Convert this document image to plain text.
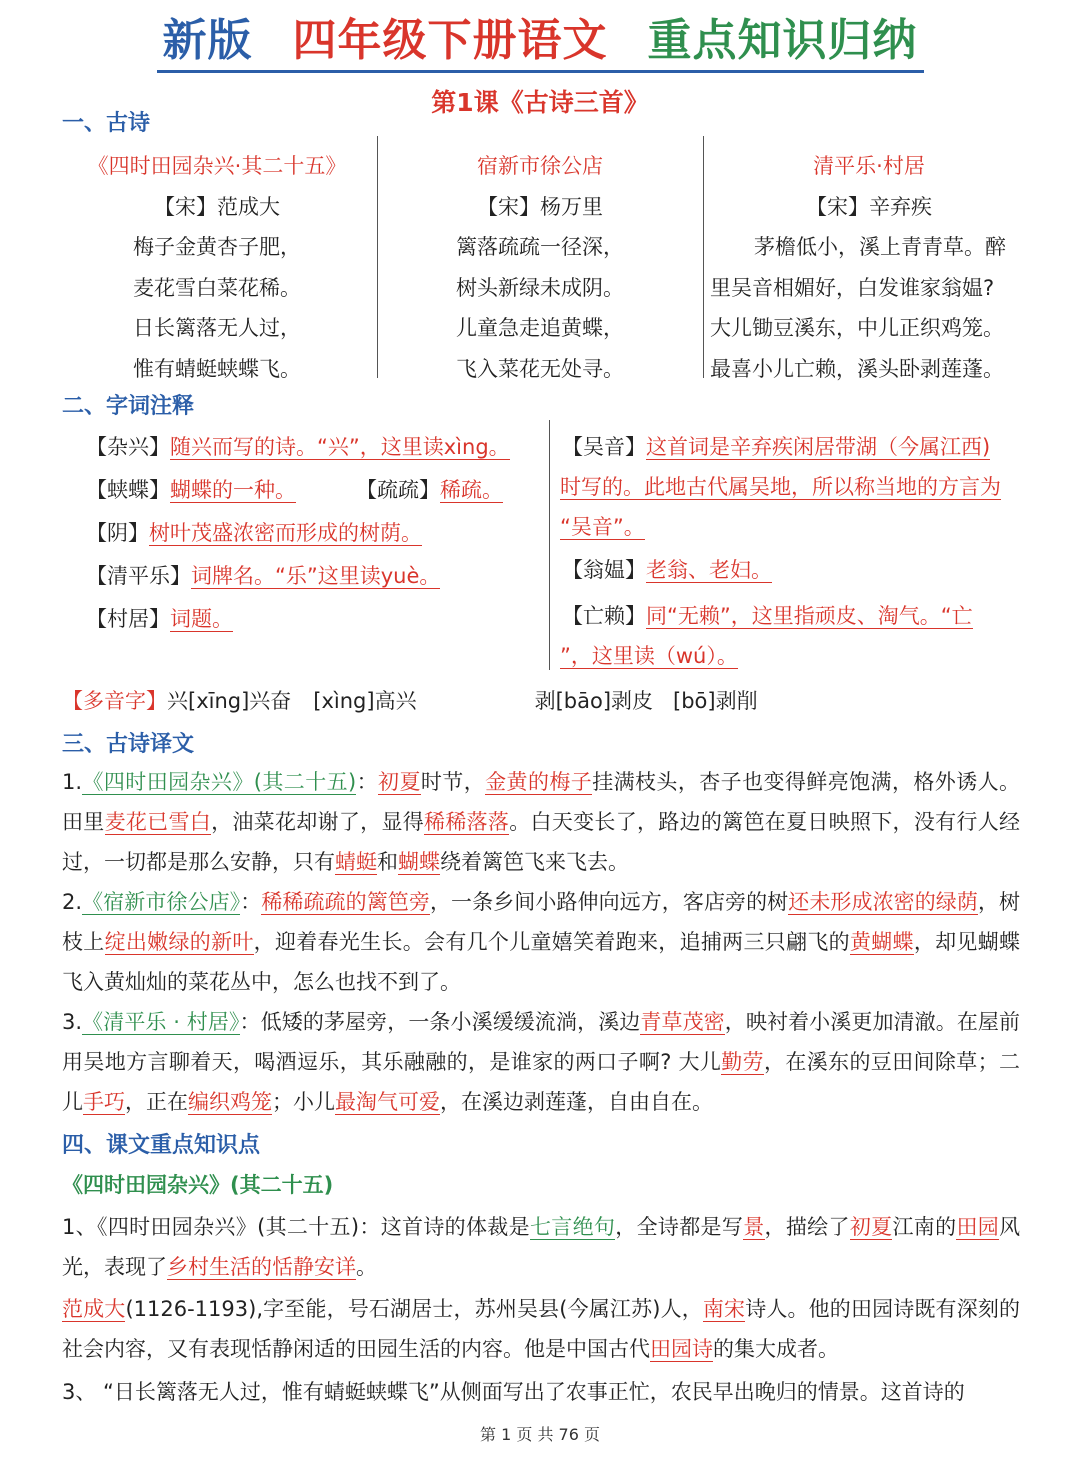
新版 四年级下册语文 重点知识归纳
第1课《古诗三首》
一、古诗
《四时田园杂兴·其二十五》
【宋】范成大
梅子金黄杏子肥，
麦花雪白菜花稀。
日长篱落无人过，
惟有蜻蜓蛱蝶飞。
宿新市徐公店
【宋】杨万里
篱落疏疏一径深，
树头新绿未成阴。
儿童急走追黄蝶，
飞入菜花无处寻。
清平乐·村居
【宋】辛弃疾
茅檐低小，溪上青青草。醉
里吴音相媚好，白发谁家翁媪?
大儿锄豆溪东，中儿正织鸡笼。
最喜小儿亡赖，溪头卧剥莲蓬。
二、字词注释
【杂兴】随兴而写的诗。“兴”，这里读xìng。
【蛱蝶】蝴蝶的一种。	【疏疏】稀疏。
【阴】树叶茂盛浓密而形成的树荫。
【清平乐】词牌名。“乐”这里读yuè。
【村居】词题。
【吴音】这首词是辛弃疾闲居带湖（今属江西)
时写的。此地古代属吴地，所以称当地的方言为
“吴音”。
【翁媪】老翁、老妇。
【亡赖】同“无赖”，这里指顽皮、淘气。“亡
”，这里读（wú）。
【多音字】兴[xīng]兴奋 [xìng]高兴	剥[bāo]剥皮 [bō]剥削
三、古诗译文
1.《四时田园杂兴》(其二十五)：初夏时节，金黄的梅子挂满枝头，杏子也变得鲜亮饱满，格外诱人。田里麦花已雪白，油菜花却谢了，显得稀稀落落。白天变长了，路边的篱笆在夏日映照下，没有行人经过，一切都是那么安静，只有蜻蜓和蝴蝶绕着篱笆飞来飞去。
2.《宿新市徐公店》：稀稀疏疏的篱笆旁，一条乡间小路伸向远方，客店旁的树还未形成浓密的绿荫，树枝上绽出嫩绿的新叶，迎着春光生长。会有几个儿童嬉笑着跑来，追捕两三只翩飞的黄蝴蝶，却见蝴蝶飞入黄灿灿的菜花丛中，怎么也找不到了。
3.《清平乐 · 村居》：低矮的茅屋旁，一条小溪缓缓流淌，溪边青草茂密，映衬着小溪更加清澈。在屋前用吴地方言聊着天，喝酒逗乐，其乐融融的，是谁家的两口子啊? 大儿勤劳，在溪东的豆田间除草；二儿手巧，正在编织鸡笼；小儿最淘气可爱，在溪边剥莲蓬，自由自在。
四、课文重点知识点
《四时田园杂兴》(其二十五)
1、《四时田园杂兴》(其二十五)：这首诗的体裁是七言绝句，全诗都是写景，描绘了初夏江南的田园风光，表现了乡村生活的恬静安详。
范成大(1126-1193),字至能，号石湖居士，苏州吴县(今属江苏)人，南宋诗人。他的田园诗既有深刻的社会内容，又有表现恬静闲适的田园生活的内容。他是中国古代田园诗的集大成者。
3、 “日长篱落无人过，惟有蜻蜓蛱蝶飞”从侧面写出了农事正忙，农民早出晚归的情景。这首诗的
第 1 页 共 76 页
